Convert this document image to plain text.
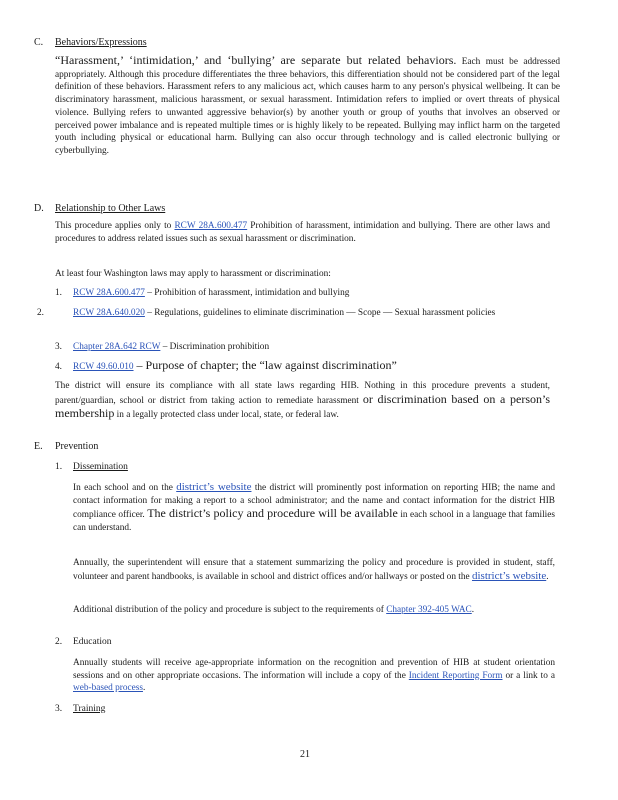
C. Behaviors/Expressions

“Harassment,’ ‘intimidation,’ and ‘bullying’ are separate but related behaviors. Each must be addressed appropriately. Although this procedure differentiates the three behaviors, this differentiation should not be considered part of the legal definition of these behaviors. Harassment refers to any malicious act, which causes harm to any person's physical wellbeing. It can be discriminatory harassment, malicious harassment, or sexual harassment. Intimidation refers to implied or overt threats of physical violence. Bullying refers to unwanted aggressive behavior(s) by another youth or group of youths that involves an observed or perceived power imbalance and is repeated multiple times or is highly likely to be repeated. Bullying may inflict harm on the targeted youth including physical or educational harm. Bullying can also occur through technology and is called electronic bullying or cyberbullying.

D. Relationship to Other Laws

This procedure applies only to RCW 28A.600.477 Prohibition of harassment, intimidation and bullying. There are other laws and procedures to address related issues such as sexual harassment or discrimination.

At least four Washington laws may apply to harassment or discrimination:

1. RCW 28A.600.477 – Prohibition of harassment, intimidation and bullying

2.	RCW 28A.640.020 – Regulations, guidelines to eliminate discrimination — Scope — Sexual harassment policies

3. Chapter 28A.642 RCW – Discrimination prohibition

4. RCW 49.60.010 – Purpose of chapter; the “law against discrimination”

The district will ensure its compliance with all state laws regarding HIB. Nothing in this procedure prevents a student, parent/guardian, school or district from taking action to remediate harassment or discrimination based on a person’s membership in a legally protected class under local, state, or federal law.

E. Prevention
1. Dissemination

In each school and on the district’s website the district will prominently post information on reporting HIB; the name and contact information for making a report to a school administrator; and the name and contact information for the district HIB compliance officer. The district’s policy and procedure will be available in each school in a language that families can understand.

Annually, the superintendent will ensure that a statement summarizing the policy and procedure is provided in student, staff, volunteer and parent handbooks, is available in school and district offices and/or hallways or posted on the district’s website.

Additional distribution of the policy and procedure is subject to the requirements of Chapter 392-405 WAC.

2. Education

Annually students will receive age-appropriate information on the recognition and prevention of HIB at student orientation sessions and on other appropriate occasions. The information will include a copy of the Incident Reporting Form or a link to a web-based process.

3. Training
21
